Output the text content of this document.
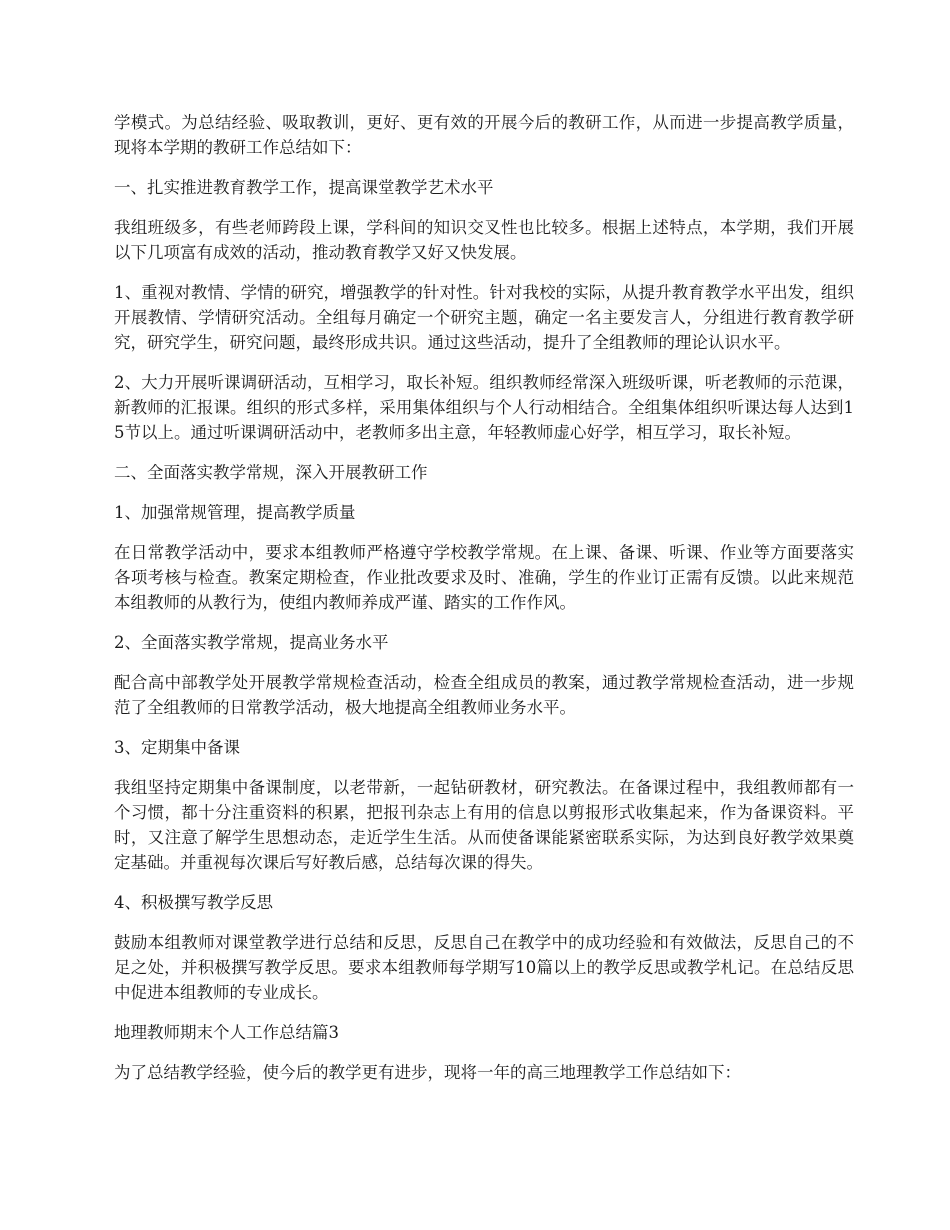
学模式。为总结经验、吸取教训，更好、更有效的开展今后的教研工作，从而进一步提高教学质量，现将本学期的教研工作总结如下：

一、扎实推进教育教学工作，提高课堂教学艺术水平

我组班级多，有些老师跨段上课，学科间的知识交叉性也比较多。根据上述特点，本学期，我们开展以下几项富有成效的活动，推动教育教学又好又快发展。

1、重视对教情、学情的研究，增强教学的针对性。针对我校的实际，从提升教育教学水平出发，组织开展教情、学情研究活动。全组每月确定一个研究主题，确定一名主要发言人，分组进行教育教学研究，研究学生，研究问题，最终形成共识。通过这些活动，提升了全组教师的理论认识水平。

2、大力开展听课调研活动，互相学习，取长补短。组织教师经常深入班级听课，听老教师的示范课，新教师的汇报课。组织的形式多样，采用集体组织与个人行动相结合。全组集体组织听课达每人达到15节以上。通过听课调研活动中，老教师多出主意，年轻教师虚心好学，相互学习，取长补短。

二、全面落实教学常规，深入开展教研工作

1、加强常规管理，提高教学质量

在日常教学活动中，要求本组教师严格遵守学校教学常规。在上课、备课、听课、作业等方面要落实各项考核与检查。教案定期检查，作业批改要求及时、准确，学生的作业订正需有反馈。以此来规范本组教师的从教行为，使组内教师养成严谨、踏实的工作作风。

2、全面落实教学常规，提高业务水平

配合高中部教学处开展教学常规检查活动，检查全组成员的教案，通过教学常规检查活动，进一步规范了全组教师的日常教学活动，极大地提高全组教师业务水平。

3、定期集中备课

我组坚持定期集中备课制度，以老带新，一起钻研教材，研究教法。在备课过程中，我组教师都有一个习惯，都十分注重资料的积累，把报刊杂志上有用的信息以剪报形式收集起来，作为备课资料。平时，又注意了解学生思想动态，走近学生生活。从而使备课能紧密联系实际，为达到良好教学效果奠定基础。并重视每次课后写好教后感，总结每次课的得失。

4、积极撰写教学反思

鼓励本组教师对课堂教学进行总结和反思，反思自己在教学中的成功经验和有效做法，反思自己的不足之处，并积极撰写教学反思。要求本组教师每学期写10篇以上的教学反思或教学札记。在总结反思中促进本组教师的专业成长。

地理教师期末个人工作总结篇3

为了总结教学经验，使今后的教学更有进步，现将一年的高三地理教学工作总结如下：
